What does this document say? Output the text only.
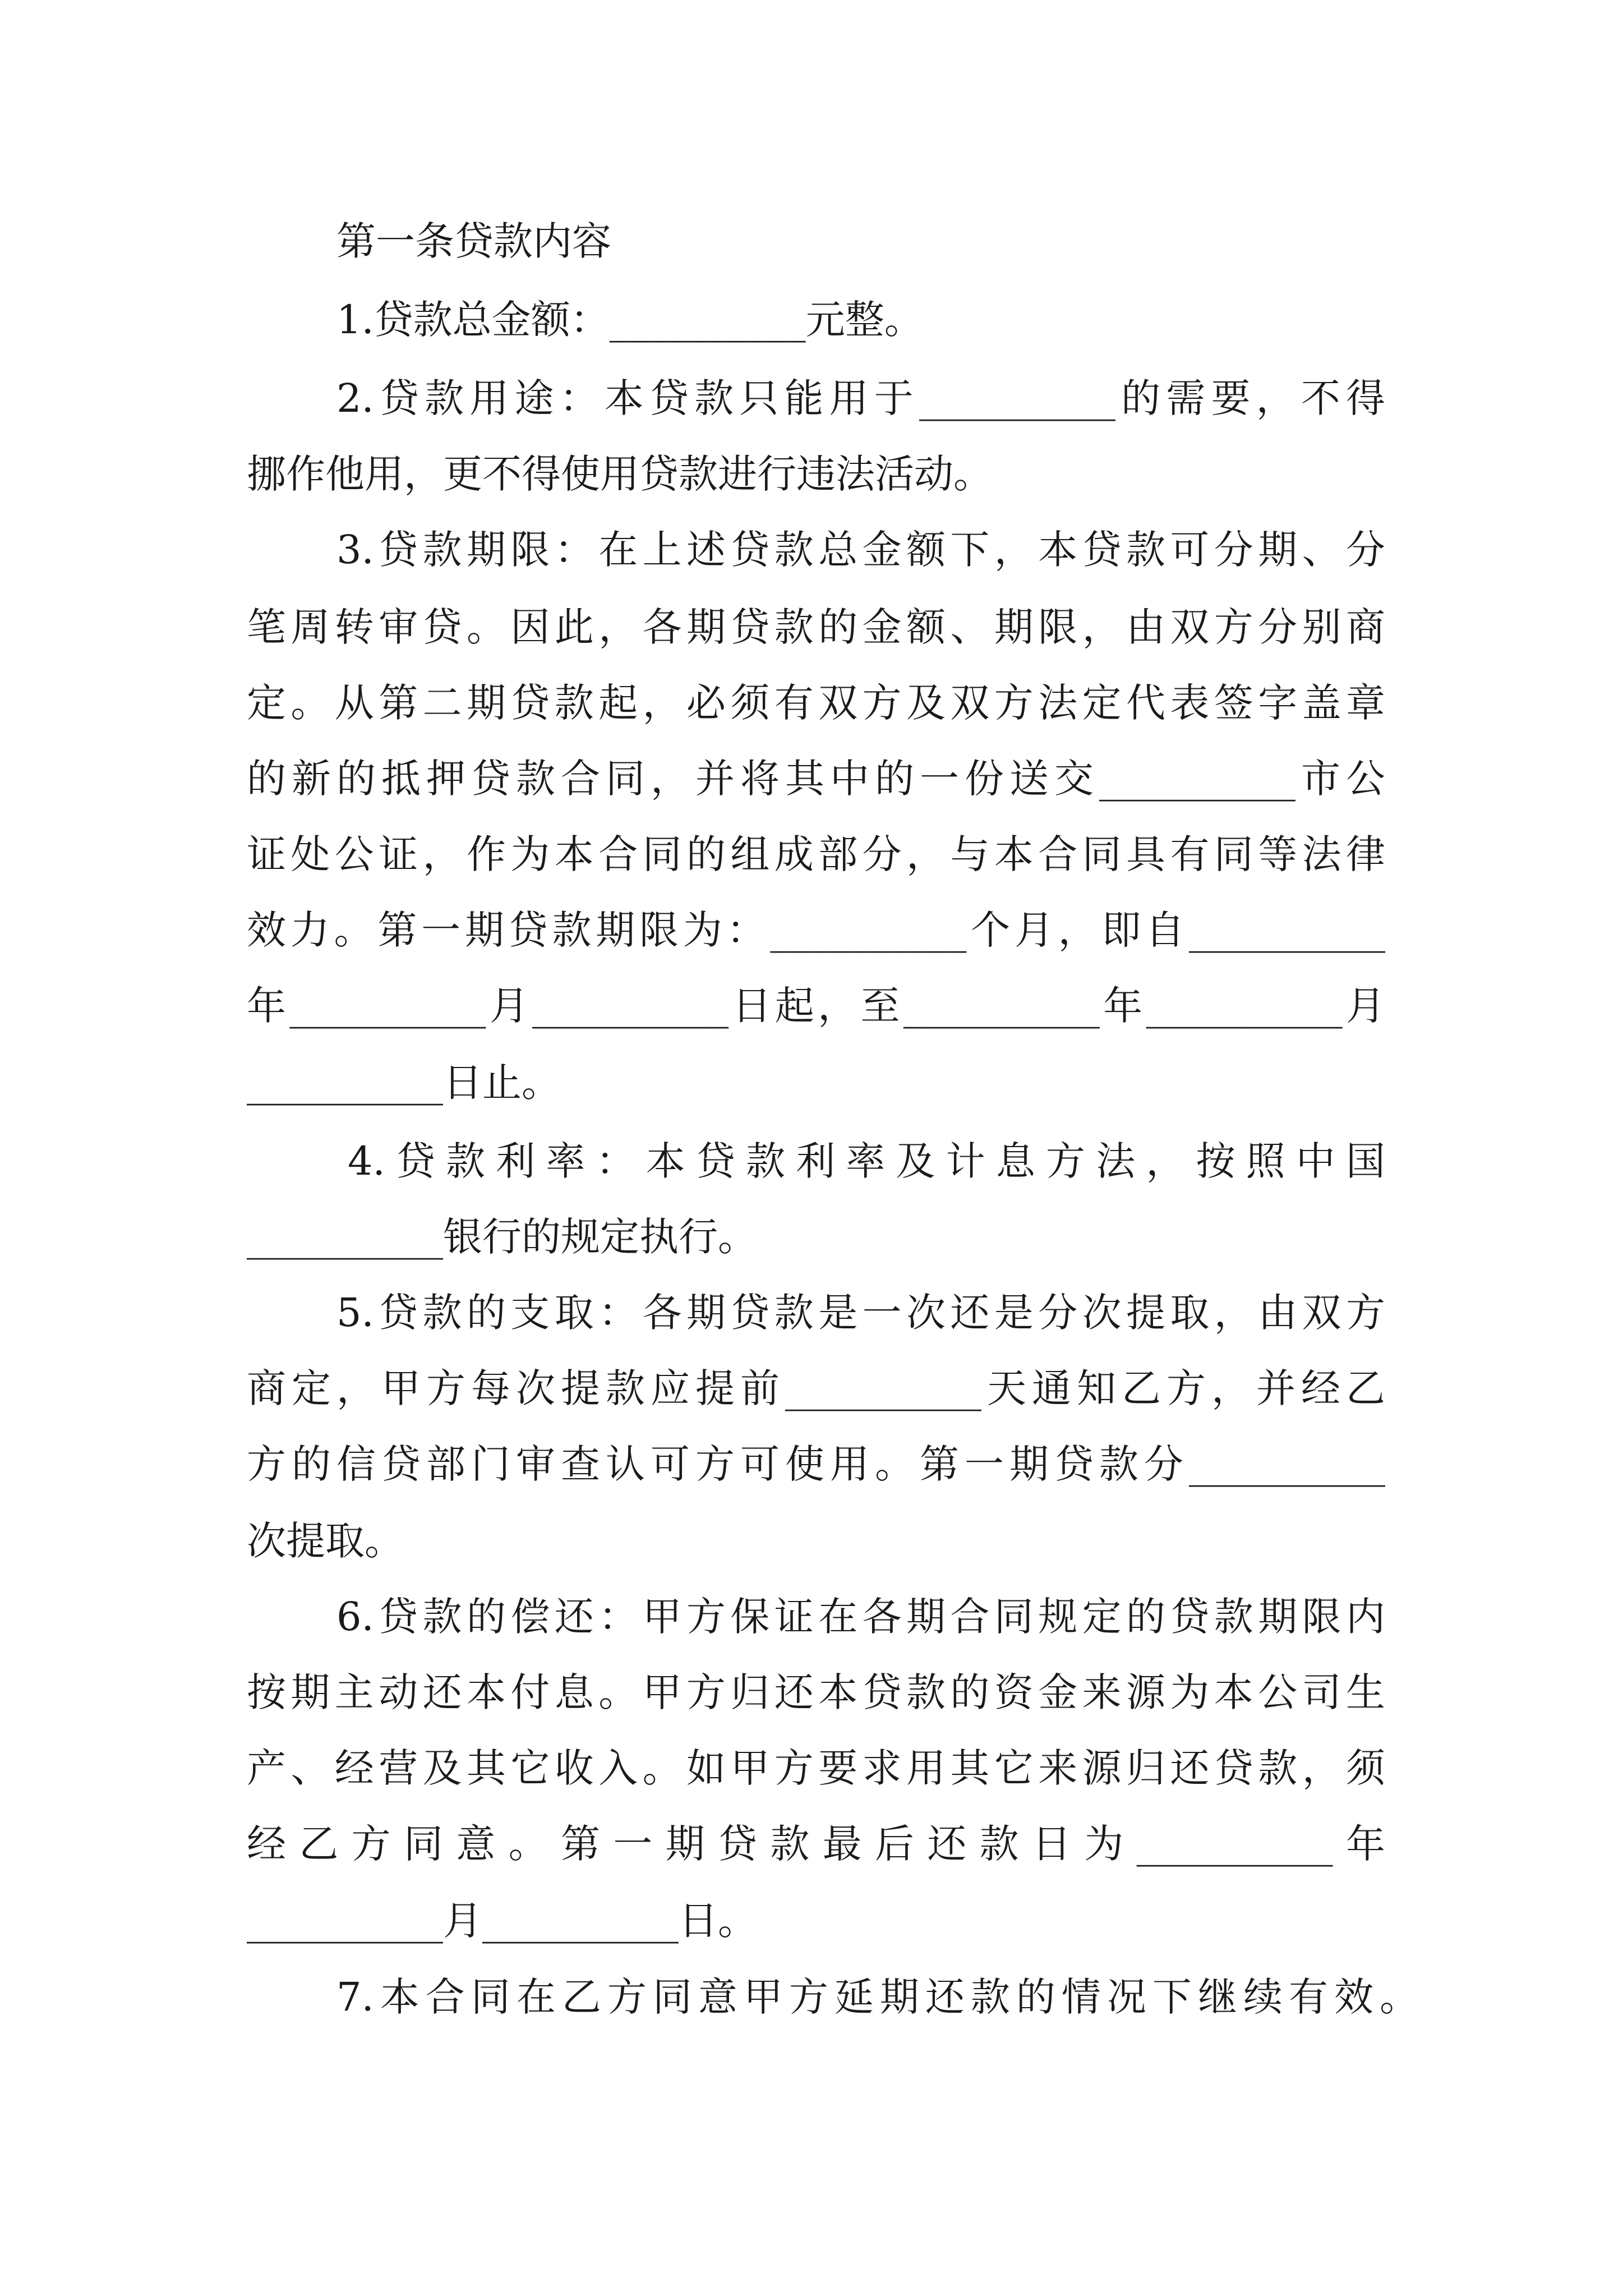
第一条贷款内容

1.贷款总金额：__________元整。

2.贷款用途：本贷款只能用于__________的需要，不得

挪作他用，更不得使用贷款进行违法活动。

3.贷款期限：在上述贷款总金额下，本贷款可分期、分

笔周转审贷。因此，各期贷款的金额、期限，由双方分别商

定。从第二期贷款起，必须有双方及双方法定代表签字盖章

的新的抵押贷款合同，并将其中的一份送交__________市公

证处公证，作为本合同的组成部分，与本合同具有同等法律

效力。第一期贷款期限为：__________个月，即自__________

年__________月__________日起，至__________年__________月

__________日止。

4.贷款利率：本贷款利率及计息方法，按照中国

__________银行的规定执行。

5.贷款的支取：各期贷款是一次还是分次提取，由双方

商定，甲方每次提款应提前__________天通知乙方，并经乙

方的信贷部门审查认可方可使用。第一期贷款分__________

次提取。

6.贷款的偿还：甲方保证在各期合同规定的贷款期限内

按期主动还本付息。甲方归还本贷款的资金来源为本公司生

产、经营及其它收入。如甲方要求用其它来源归还贷款，须

经乙方同意。第一期贷款最后还款日为__________年

__________月__________日。

7.本合同在乙方同意甲方延期还款的情况下继续有效。
